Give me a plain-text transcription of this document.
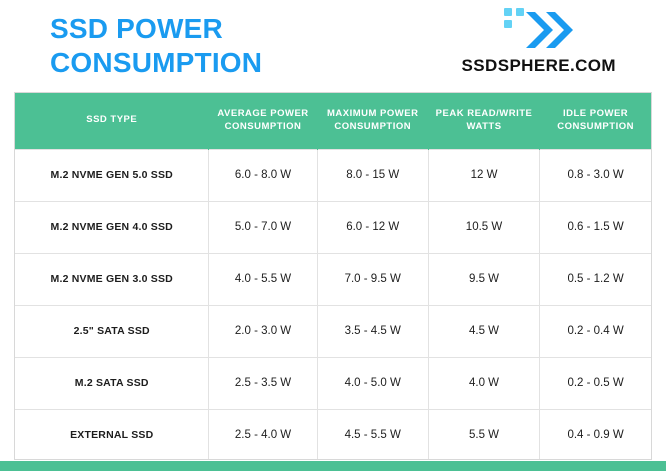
SSD POWER CONSUMPTION	SSDSPHERE.COM
SSD TYPE	AVERAGE POWER CONSUMPTION	MAXIMUM POWER CONSUMPTION	PEAK READ/WRITE WATTS	IDLE POWER CONSUMPTION
M.2 NVME GEN 5.0 SSD	6.0 - 8.0 W	8.0 - 15 W	12 W	0.8 - 3.0 W
M.2 NVME GEN 4.0 SSD	5.0 - 7.0 W	6.0 - 12 W	10.5 W	0.6 - 1.5 W
M.2 NVME GEN 3.0 SSD	4.0 - 5.5 W	7.0 - 9.5 W	9.5 W	0.5 - 1.2 W
2.5" SATA SSD	2.0 - 3.0 W	3.5 - 4.5 W	4.5 W	0.2 - 0.4 W
M.2 SATA SSD	2.5 - 3.5 W	4.0 - 5.0 W	4.0 W	0.2 - 0.5 W
EXTERNAL SSD	2.5 - 4.0 W	4.5 - 5.5 W	5.5 W	0.4 - 0.9 W
